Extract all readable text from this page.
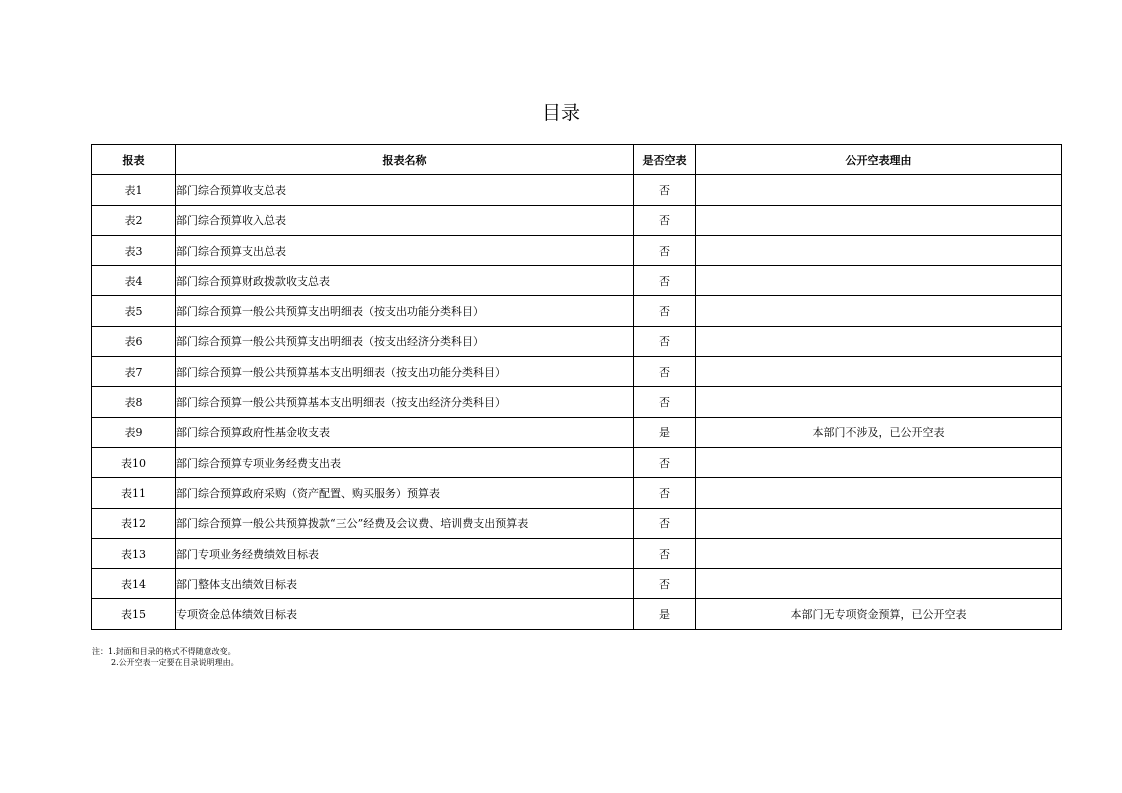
目录
报表	报表名称	是否空表	公开空表理由
表1	部门综合预算收支总表	否	
表2	部门综合预算收入总表	否	
表3	部门综合预算支出总表	否	
表4	部门综合预算财政拨款收支总表	否	
表5	部门综合预算一般公共预算支出明细表（按支出功能分类科目）	否	
表6	部门综合预算一般公共预算支出明细表（按支出经济分类科目）	否	
表7	部门综合预算一般公共预算基本支出明细表（按支出功能分类科目）	否	
表8	部门综合预算一般公共预算基本支出明细表（按支出经济分类科目）	否	
表9	部门综合预算政府性基金收支表	是	本部门不涉及，已公开空表
表10	部门综合预算专项业务经费支出表	否	
表11	部门综合预算政府采购（资产配置、购买服务）预算表	否	
表12	部门综合预算一般公共预算拨款“三公”经费及会议费、培训费支出预算表	否	
表13	部门专项业务经费绩效目标表	否	
表14	部门整体支出绩效目标表	否	
表15	专项资金总体绩效目标表	是	本部门无专项资金预算，已公开空表
注：1.封面和目录的格式不得随意改变。
2.公开空表一定要在目录说明理由。
